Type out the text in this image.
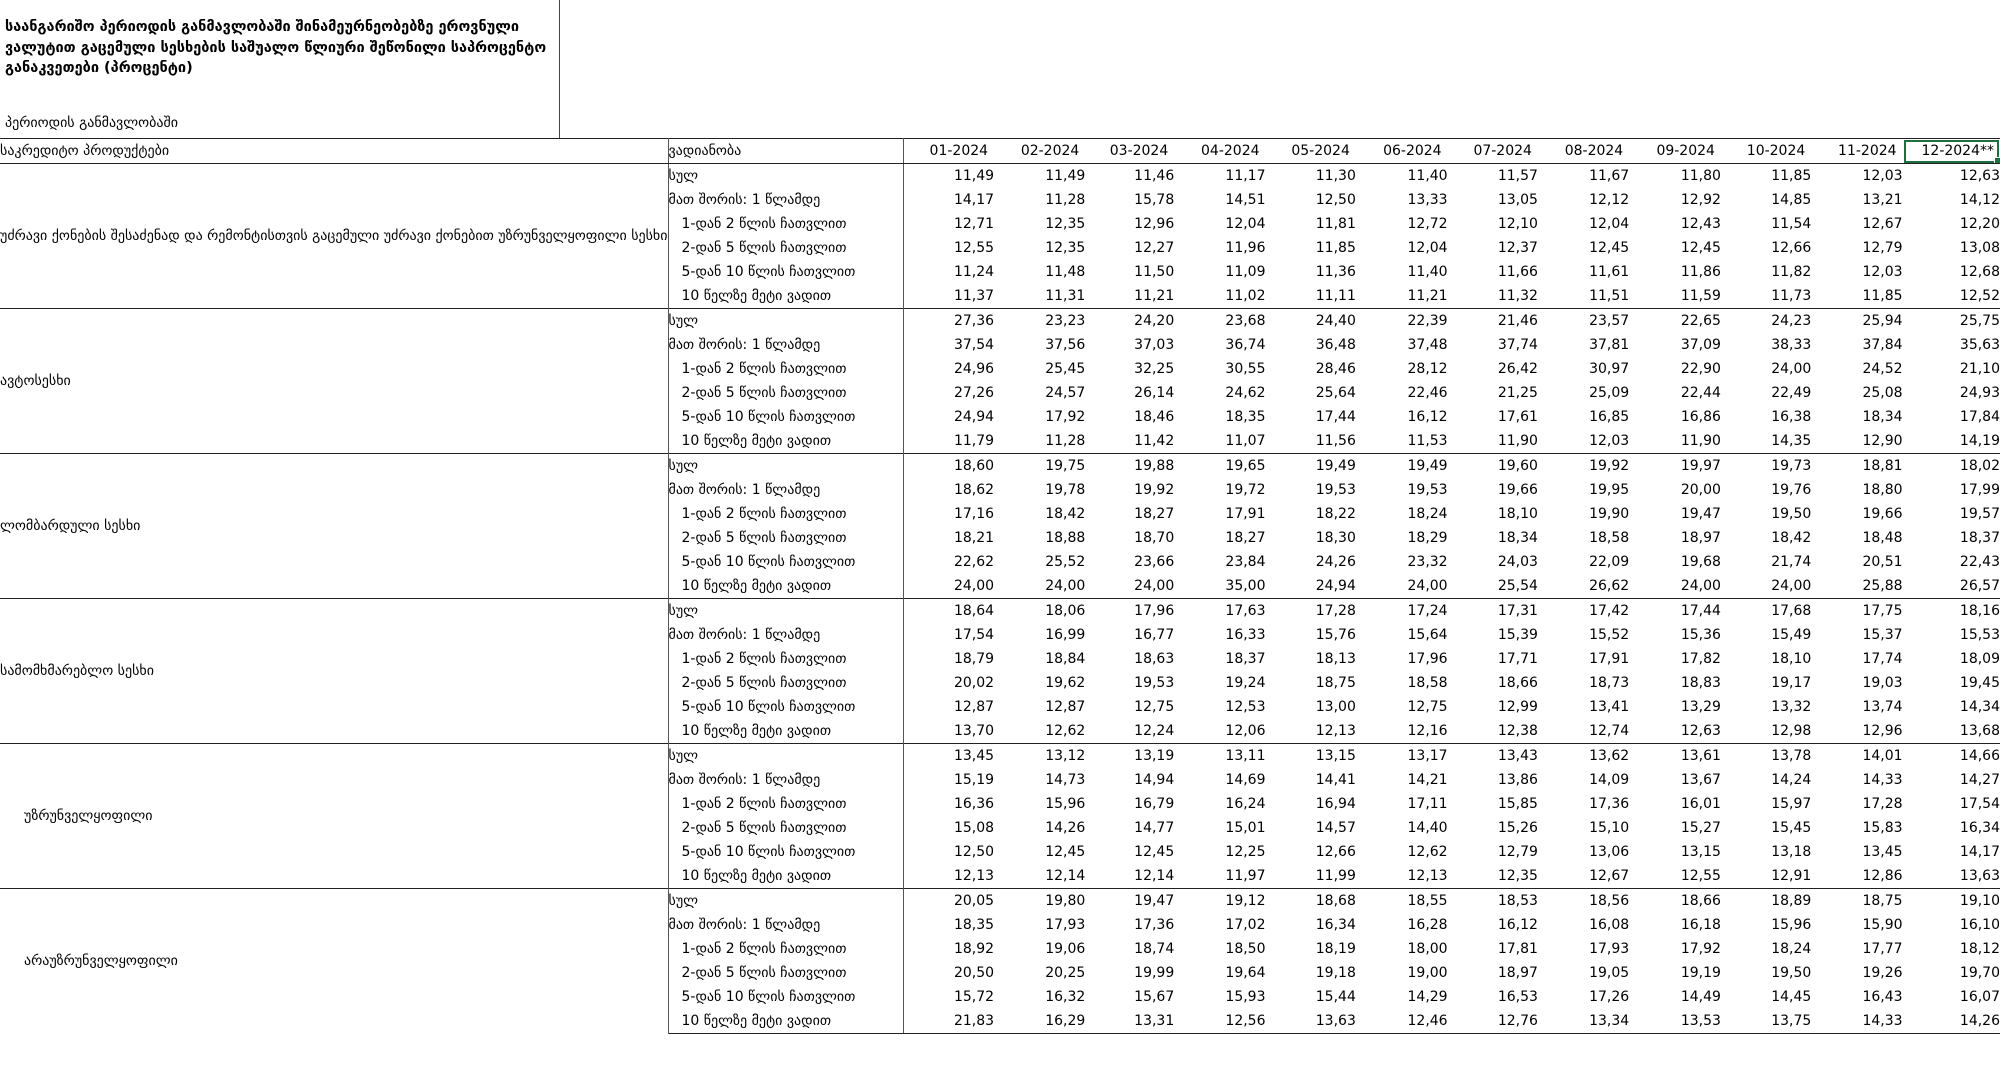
საანგარიშო პერიოდის განმავლობაში შინამეურნეობებზე ეროვნული ვალუტით გაცემული სესხების საშუალო წლიური შეწონილი საპროცენტო განაკვეთები (პროცენტი)
პერიოდის განმავლობაში
საკრედიტო პროდუქტები	ვადიანობა	01-2024	02-2024	03-2024	04-2024	05-2024	06-2024	07-2024	08-2024	09-2024	10-2024	11-2024	12-2024**

უძრავი ქონების შესაძენად და რემონტისთვის გაცემული უძრავი ქონებით უზრუნველყოფილი სესხი	სულ	11,49	11,49	11,46	11,17	11,30	11,40	11,57	11,67	11,80	11,85	12,03	12,63
	მათ შორის: 1 წლამდე	14,17	11,28	15,78	14,51	12,50	13,33	13,05	12,12	12,92	14,85	13,21	14,12
	1-დან 2 წლის ჩათვლით	12,71	12,35	12,96	12,04	11,81	12,72	12,10	12,04	12,43	11,54	12,67	12,20
	2-დან 5 წლის ჩათვლით	12,55	12,35	12,27	11,96	11,85	12,04	12,37	12,45	12,45	12,66	12,79	13,08
	5-დან 10 წლის ჩათვლით	11,24	11,48	11,50	11,09	11,36	11,40	11,66	11,61	11,86	11,82	12,03	12,68
	10 წელზე მეტი ვადით	11,37	11,31	11,21	11,02	11,11	11,21	11,32	11,51	11,59	11,73	11,85	12,52
ავტოსესხი	სულ	27,36	23,23	24,20	23,68	24,40	22,39	21,46	23,57	22,65	24,23	25,94	25,75
	მათ შორის: 1 წლამდე	37,54	37,56	37,03	36,74	36,48	37,48	37,74	37,81	37,09	38,33	37,84	35,63
	1-დან 2 წლის ჩათვლით	24,96	25,45	32,25	30,55	28,46	28,12	26,42	30,97	22,90	24,00	24,52	21,10
	2-დან 5 წლის ჩათვლით	27,26	24,57	26,14	24,62	25,64	22,46	21,25	25,09	22,44	22,49	25,08	24,93
	5-დან 10 წლის ჩათვლით	24,94	17,92	18,46	18,35	17,44	16,12	17,61	16,85	16,86	16,38	18,34	17,84
	10 წელზე მეტი ვადით	11,79	11,28	11,42	11,07	11,56	11,53	11,90	12,03	11,90	14,35	12,90	14,19
ლომბარდული სესხი	სულ	18,60	19,75	19,88	19,65	19,49	19,49	19,60	19,92	19,97	19,73	18,81	18,02
	მათ შორის: 1 წლამდე	18,62	19,78	19,92	19,72	19,53	19,53	19,66	19,95	20,00	19,76	18,80	17,99
	1-დან 2 წლის ჩათვლით	17,16	18,42	18,27	17,91	18,22	18,24	18,10	19,90	19,47	19,50	19,66	19,57
	2-დან 5 წლის ჩათვლით	18,21	18,88	18,70	18,27	18,30	18,29	18,34	18,58	18,97	18,42	18,48	18,37
	5-დან 10 წლის ჩათვლით	22,62	25,52	23,66	23,84	24,26	23,32	24,03	22,09	19,68	21,74	20,51	22,43
	10 წელზე მეტი ვადით	24,00	24,00	24,00	35,00	24,94	24,00	25,54	26,62	24,00	24,00	25,88	26,57
სამომხმარებლო სესხი	სულ	18,64	18,06	17,96	17,63	17,28	17,24	17,31	17,42	17,44	17,68	17,75	18,16
	მათ შორის: 1 წლამდე	17,54	16,99	16,77	16,33	15,76	15,64	15,39	15,52	15,36	15,49	15,37	15,53
	1-დან 2 წლის ჩათვლით	18,79	18,84	18,63	18,37	18,13	17,96	17,71	17,91	17,82	18,10	17,74	18,09
	2-დან 5 წლის ჩათვლით	20,02	19,62	19,53	19,24	18,75	18,58	18,66	18,73	18,83	19,17	19,03	19,45
	5-დან 10 წლის ჩათვლით	12,87	12,87	12,75	12,53	13,00	12,75	12,99	13,41	13,29	13,32	13,74	14,34
	10 წელზე მეტი ვადით	13,70	12,62	12,24	12,06	12,13	12,16	12,38	12,74	12,63	12,98	12,96	13,68
უზრუნველყოფილი	სულ	13,45	13,12	13,19	13,11	13,15	13,17	13,43	13,62	13,61	13,78	14,01	14,66
	მათ შორის: 1 წლამდე	15,19	14,73	14,94	14,69	14,41	14,21	13,86	14,09	13,67	14,24	14,33	14,27
	1-დან 2 წლის ჩათვლით	16,36	15,96	16,79	16,24	16,94	17,11	15,85	17,36	16,01	15,97	17,28	17,54
	2-დან 5 წლის ჩათვლით	15,08	14,26	14,77	15,01	14,57	14,40	15,26	15,10	15,27	15,45	15,83	16,34
	5-დან 10 წლის ჩათვლით	12,50	12,45	12,45	12,25	12,66	12,62	12,79	13,06	13,15	13,18	13,45	14,17
	10 წელზე მეტი ვადით	12,13	12,14	12,14	11,97	11,99	12,13	12,35	12,67	12,55	12,91	12,86	13,63
არაუზრუნველყოფილი	სულ	20,05	19,80	19,47	19,12	18,68	18,55	18,53	18,56	18,66	18,89	18,75	19,10
	მათ შორის: 1 წლამდე	18,35	17,93	17,36	17,02	16,34	16,28	16,12	16,08	16,18	15,96	15,90	16,10
	1-დან 2 წლის ჩათვლით	18,92	19,06	18,74	18,50	18,19	18,00	17,81	17,93	17,92	18,24	17,77	18,12
	2-დან 5 წლის ჩათვლით	20,50	20,25	19,99	19,64	19,18	19,00	18,97	19,05	19,19	19,50	19,26	19,70
	5-დან 10 წლის ჩათვლით	15,72	16,32	15,67	15,93	15,44	14,29	16,53	17,26	14,49	14,45	16,43	16,07
	10 წელზე მეტი ვადით	21,83	16,29	13,31	12,56	13,63	12,46	12,76	13,34	13,53	13,75	14,33	14,26
